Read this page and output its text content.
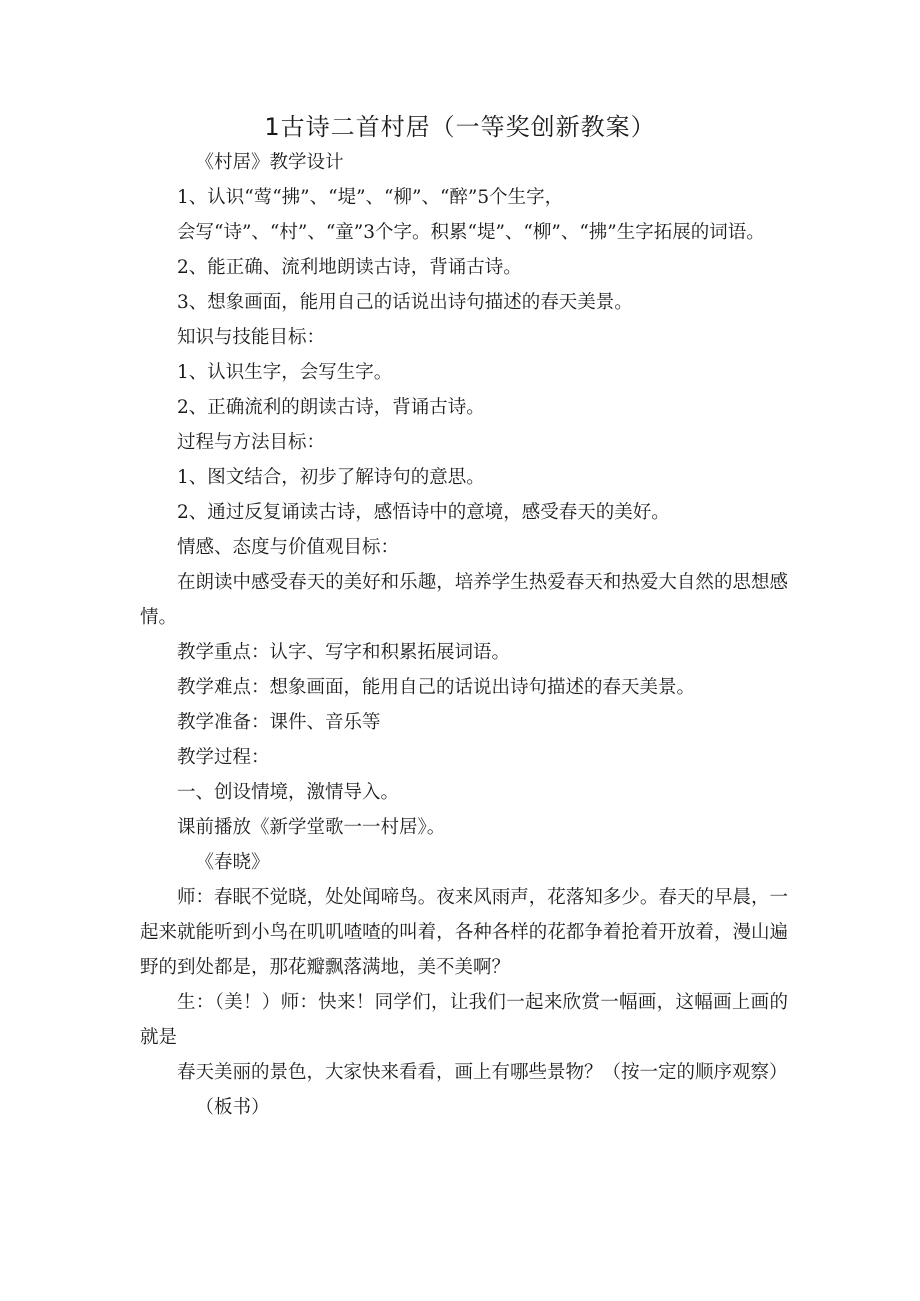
1古诗二首村居（一等奖创新教案）

《村居》教学设计

1、认识“莺“拂”、“堤”、“柳”、“醉”5个生字，

会写“诗”、“村”、“童”3个字。积累“堤”、“柳”、“拂”生字拓展的词语。

2、能正确、流利地朗读古诗，背诵古诗。

3、想象画面，能用自己的话说出诗句描述的春天美景。

知识与技能目标：

1、认识生字，会写生字。

2、正确流利的朗读古诗，背诵古诗。

过程与方法目标：

1、图文结合，初步了解诗句的意思。

2、通过反复诵读古诗，感悟诗中的意境，感受春天的美好。

情感、态度与价值观目标：

在朗读中感受春天的美好和乐趣，培养学生热爱春天和热爱大自然的思想感情。

教学重点：认字、写字和积累拓展词语。

教学难点：想象画面，能用自己的话说出诗句描述的春天美景。

教学准备：课件、音乐等

教学过程：

一、创设情境，激情导入。

课前播放《新学堂歌一一村居》。

《春晓》

师：春眠不觉晓，处处闻啼鸟。夜来风雨声，花落知多少。春天的早晨，一起来就能听到小鸟在叽叽喳喳的叫着，各种各样的花都争着抢着开放着，漫山遍野的到处都是，那花瓣飘落满地，美不美啊？

生：（美！）师：快来！同学们，让我们一起来欣赏一幅画，这幅画上画的就是

春天美丽的景色，大家快来看看，画上有哪些景物？（按一定的顺序观察）

（板书）
